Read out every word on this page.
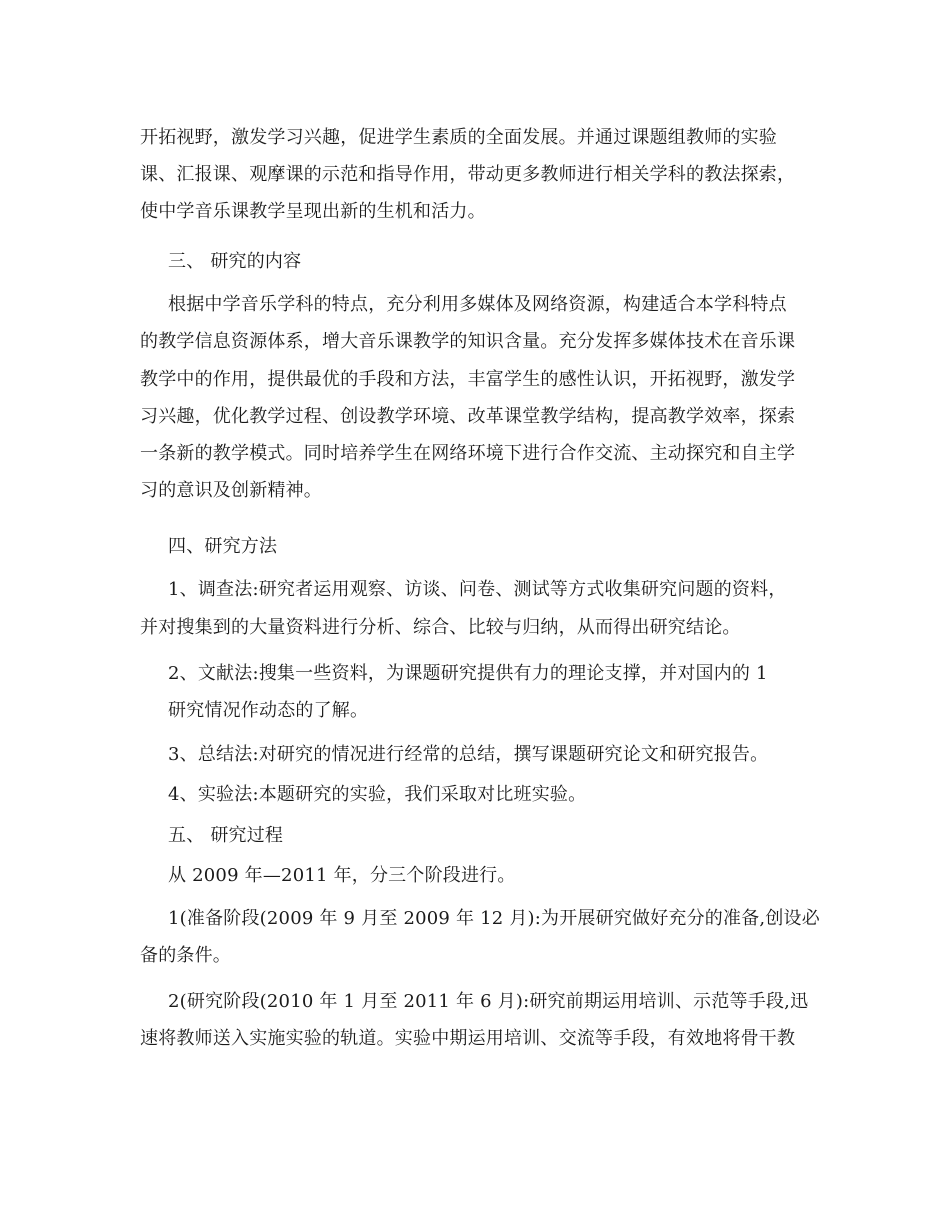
开拓视野，激发学习兴趣，促进学生素质的全面发展。并通过课题组教师的实验
课、汇报课、观摩课的示范和指导作用，带动更多教师进行相关学科的教法探索，
使中学音乐课教学呈现出新的生机和活力。
三、 研究的内容
根据中学音乐学科的特点，充分利用多媒体及网络资源，构建适合本学科特点
的教学信息资源体系，增大音乐课教学的知识含量。充分发挥多媒体技术在音乐课
教学中的作用，提供最优的手段和方法，丰富学生的感性认识，开拓视野，激发学
习兴趣，优化教学过程、创设教学环境、改革课堂教学结构，提高教学效率，探索
一条新的教学模式。同时培养学生在网络环境下进行合作交流、主动探究和自主学
习的意识及创新精神。
四、研究方法
1、调查法:研究者运用观察、访谈、问卷、测试等方式收集研究问题的资料，
并对搜集到的大量资料进行分析、综合、比较与归纳，从而得出研究结论。
2、文献法:搜集一些资料，为课题研究提供有力的理论支撑，并对国内的 1
研究情况作动态的了解。
3、总结法:对研究的情况进行经常的总结，撰写课题研究论文和研究报告。
4、实验法:本题研究的实验，我们采取对比班实验。
五、 研究过程
从 2009 年—2011 年，分三个阶段进行。
1(准备阶段(2009 年 9 月至 2009 年 12 月):为开展研究做好充分的准备,创设必
备的条件。
2(研究阶段(2010 年 1 月至 2011 年 6 月):研究前期运用培训、示范等手段,迅
速将教师送入实施实验的轨道。实验中期运用培训、交流等手段，有效地将骨干教
